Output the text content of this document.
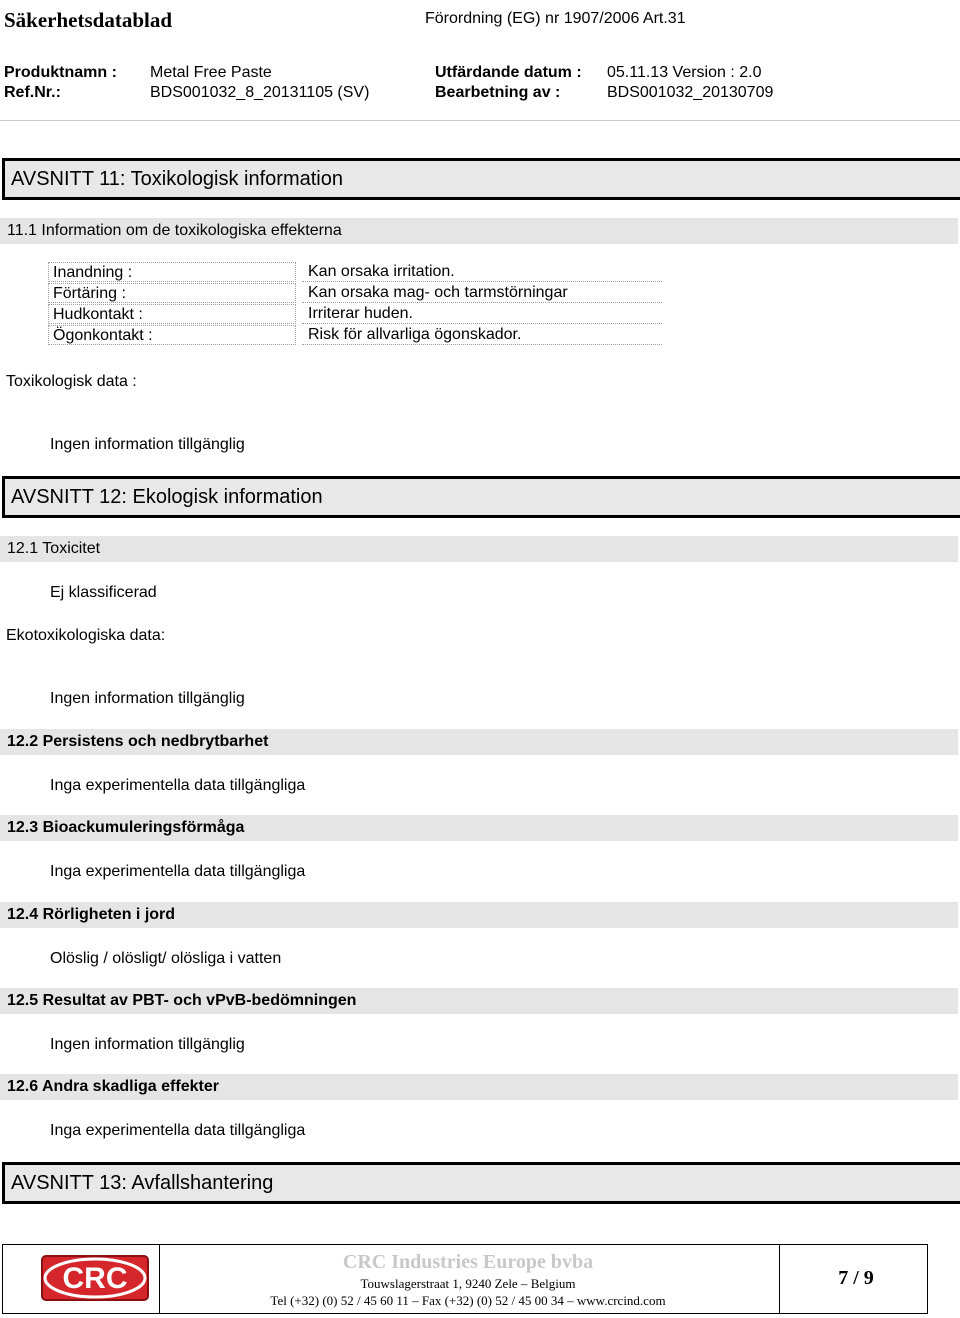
Säkerhetsdatablad	Förordning (EG) nr 1907/2006 Art.31
Produktnamn : Metal Free Paste	Utfärdande datum : 05.11.13 Version : 2.0
Ref.Nr.:	BDS001032_8_20131105 (SV)	Bearbetning av :	BDS001032_20130709
AVSNITT 11: Toxikologisk information
11.1 Information om de toxikologiska effekterna
Inandning :	Kan orsaka irritation.
Förtäring :	Kan orsaka mag- och tarmstörningar
Hudkontakt :	Irriterar huden.
Ögonkontakt :	Risk för allvarliga ögonskador.
Toxikologisk data :
Ingen information tillgänglig
AVSNITT 12: Ekologisk information
12.1 Toxicitet
Ej klassificerad
Ekotoxikologiska data:
Ingen information tillgänglig
12.2 Persistens och nedbrytbarhet
Inga experimentella data tillgängliga
12.3 Bioackumuleringsförmåga
Inga experimentella data tillgängliga
12.4 Rörligheten i jord
Olöslig / olösligt/ olösliga i vatten
12.5 Resultat av PBT- och vPvB-bedömningen
Ingen information tillgänglig
12.6 Andra skadliga effekter
Inga experimentella data tillgängliga
AVSNITT 13: Avfallshantering
CRC	CRC Industries Europe bvba
Touwslagerstraat 1, 9240 Zele – Belgium
Tel (+32) (0) 52 / 45 60 11 – Fax (+32) (0) 52 / 45 00 34 – www.crcind.com
7 / 9
